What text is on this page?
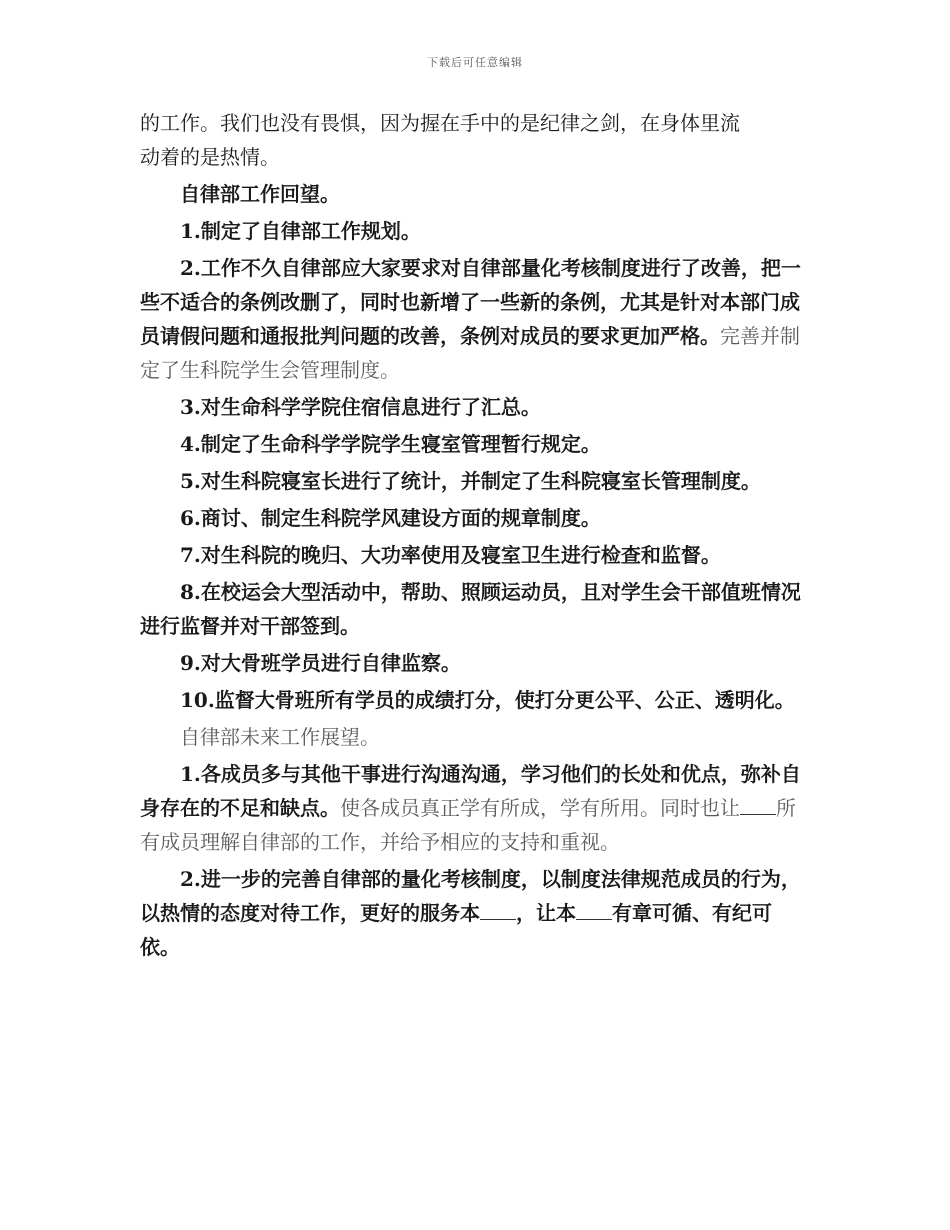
下载后可任意编辑

的工作。我们也没有畏惧，因为握在手中的是纪律之剑，在身体里流
动着的是热情。

自律部工作回望。

1.制定了自律部工作规划。

2.工作不久自律部应大家要求对自律部量化考核制度进行了改善，把一些不适合的条例改删了，同时也新增了一些新的条例，尤其是针对本部门成员请假问题和通报批判问题的改善，条例对成员的要求更加严格。完善并制定了生科院学生会管理制度。

3.对生命科学学院住宿信息进行了汇总。

4.制定了生命科学学院学生寝室管理暂行规定。

5.对生科院寝室长进行了统计，并制定了生科院寝室长管理制度。

6.商讨、制定生科院学风建设方面的规章制度。

7.对生科院的晚归、大功率使用及寝室卫生进行检查和监督。

8.在校运会大型活动中，帮助、照顾运动员，且对学生会干部值班情况进行监督并对干部签到。

9.对大骨班学员进行自律监察。

10.监督大骨班所有学员的成绩打分，使打分更公平、公正、透明化。

自律部未来工作展望。

1.各成员多与其他干事进行沟通沟通，学习他们的长处和优点，弥补自身存在的不足和缺点。使各成员真正学有所成，学有所用。同时也让 所有成员理解自律部的工作，并给予相应的支持和重视。

2.进一步的完善自律部的量化考核制度，以制度法律规范成员的行为，以热情的态度对待工作，更好的服务本 ，让本 有章可循、有纪可依。
